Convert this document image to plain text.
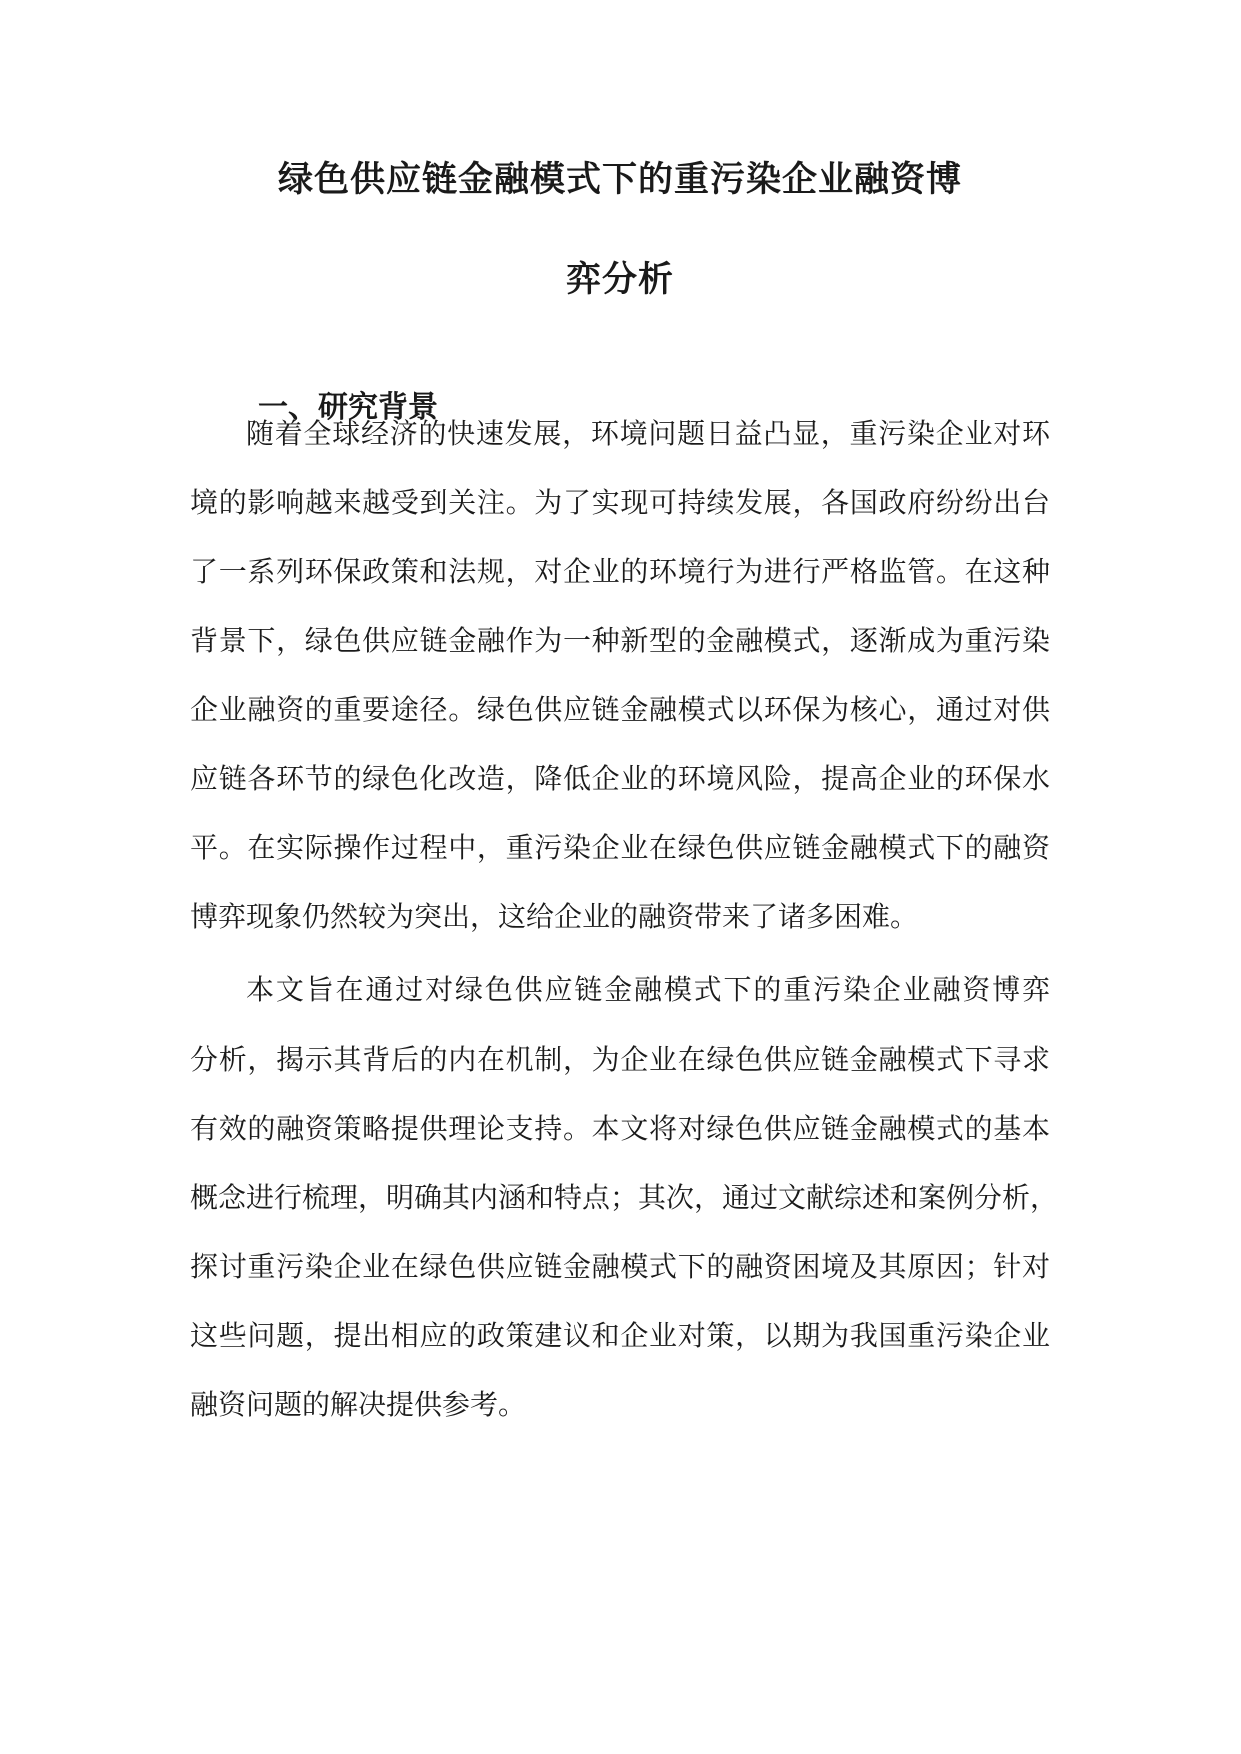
绿色供应链金融模式下的重污染企业融资博
弈分析
一、研究背景

随着全球经济的快速发展，环境问题日益凸显，重污染企业对环

境的影响越来越受到关注。为了实现可持续发展，各国政府纷纷出台

了一系列环保政策和法规，对企业的环境行为进行严格监管。在这种

背景下，绿色供应链金融作为一种新型的金融模式，逐渐成为重污染

企业融资的重要途径。绿色供应链金融模式以环保为核心，通过对供

应链各环节的绿色化改造，降低企业的环境风险，提高企业的环保水

平。在实际操作过程中，重污染企业在绿色供应链金融模式下的融资

博弈现象仍然较为突出，这给企业的融资带来了诸多困难。

本文旨在通过对绿色供应链金融模式下的重污染企业融资博弈

分析，揭示其背后的内在机制，为企业在绿色供应链金融模式下寻求

有效的融资策略提供理论支持。本文将对绿色供应链金融模式的基本

概念进行梳理，明确其内涵和特点；其次，通过文献综述和案例分析，

探讨重污染企业在绿色供应链金融模式下的融资困境及其原因；针对

这些问题，提出相应的政策建议和企业对策，以期为我国重污染企业

融资问题的解决提供参考。
